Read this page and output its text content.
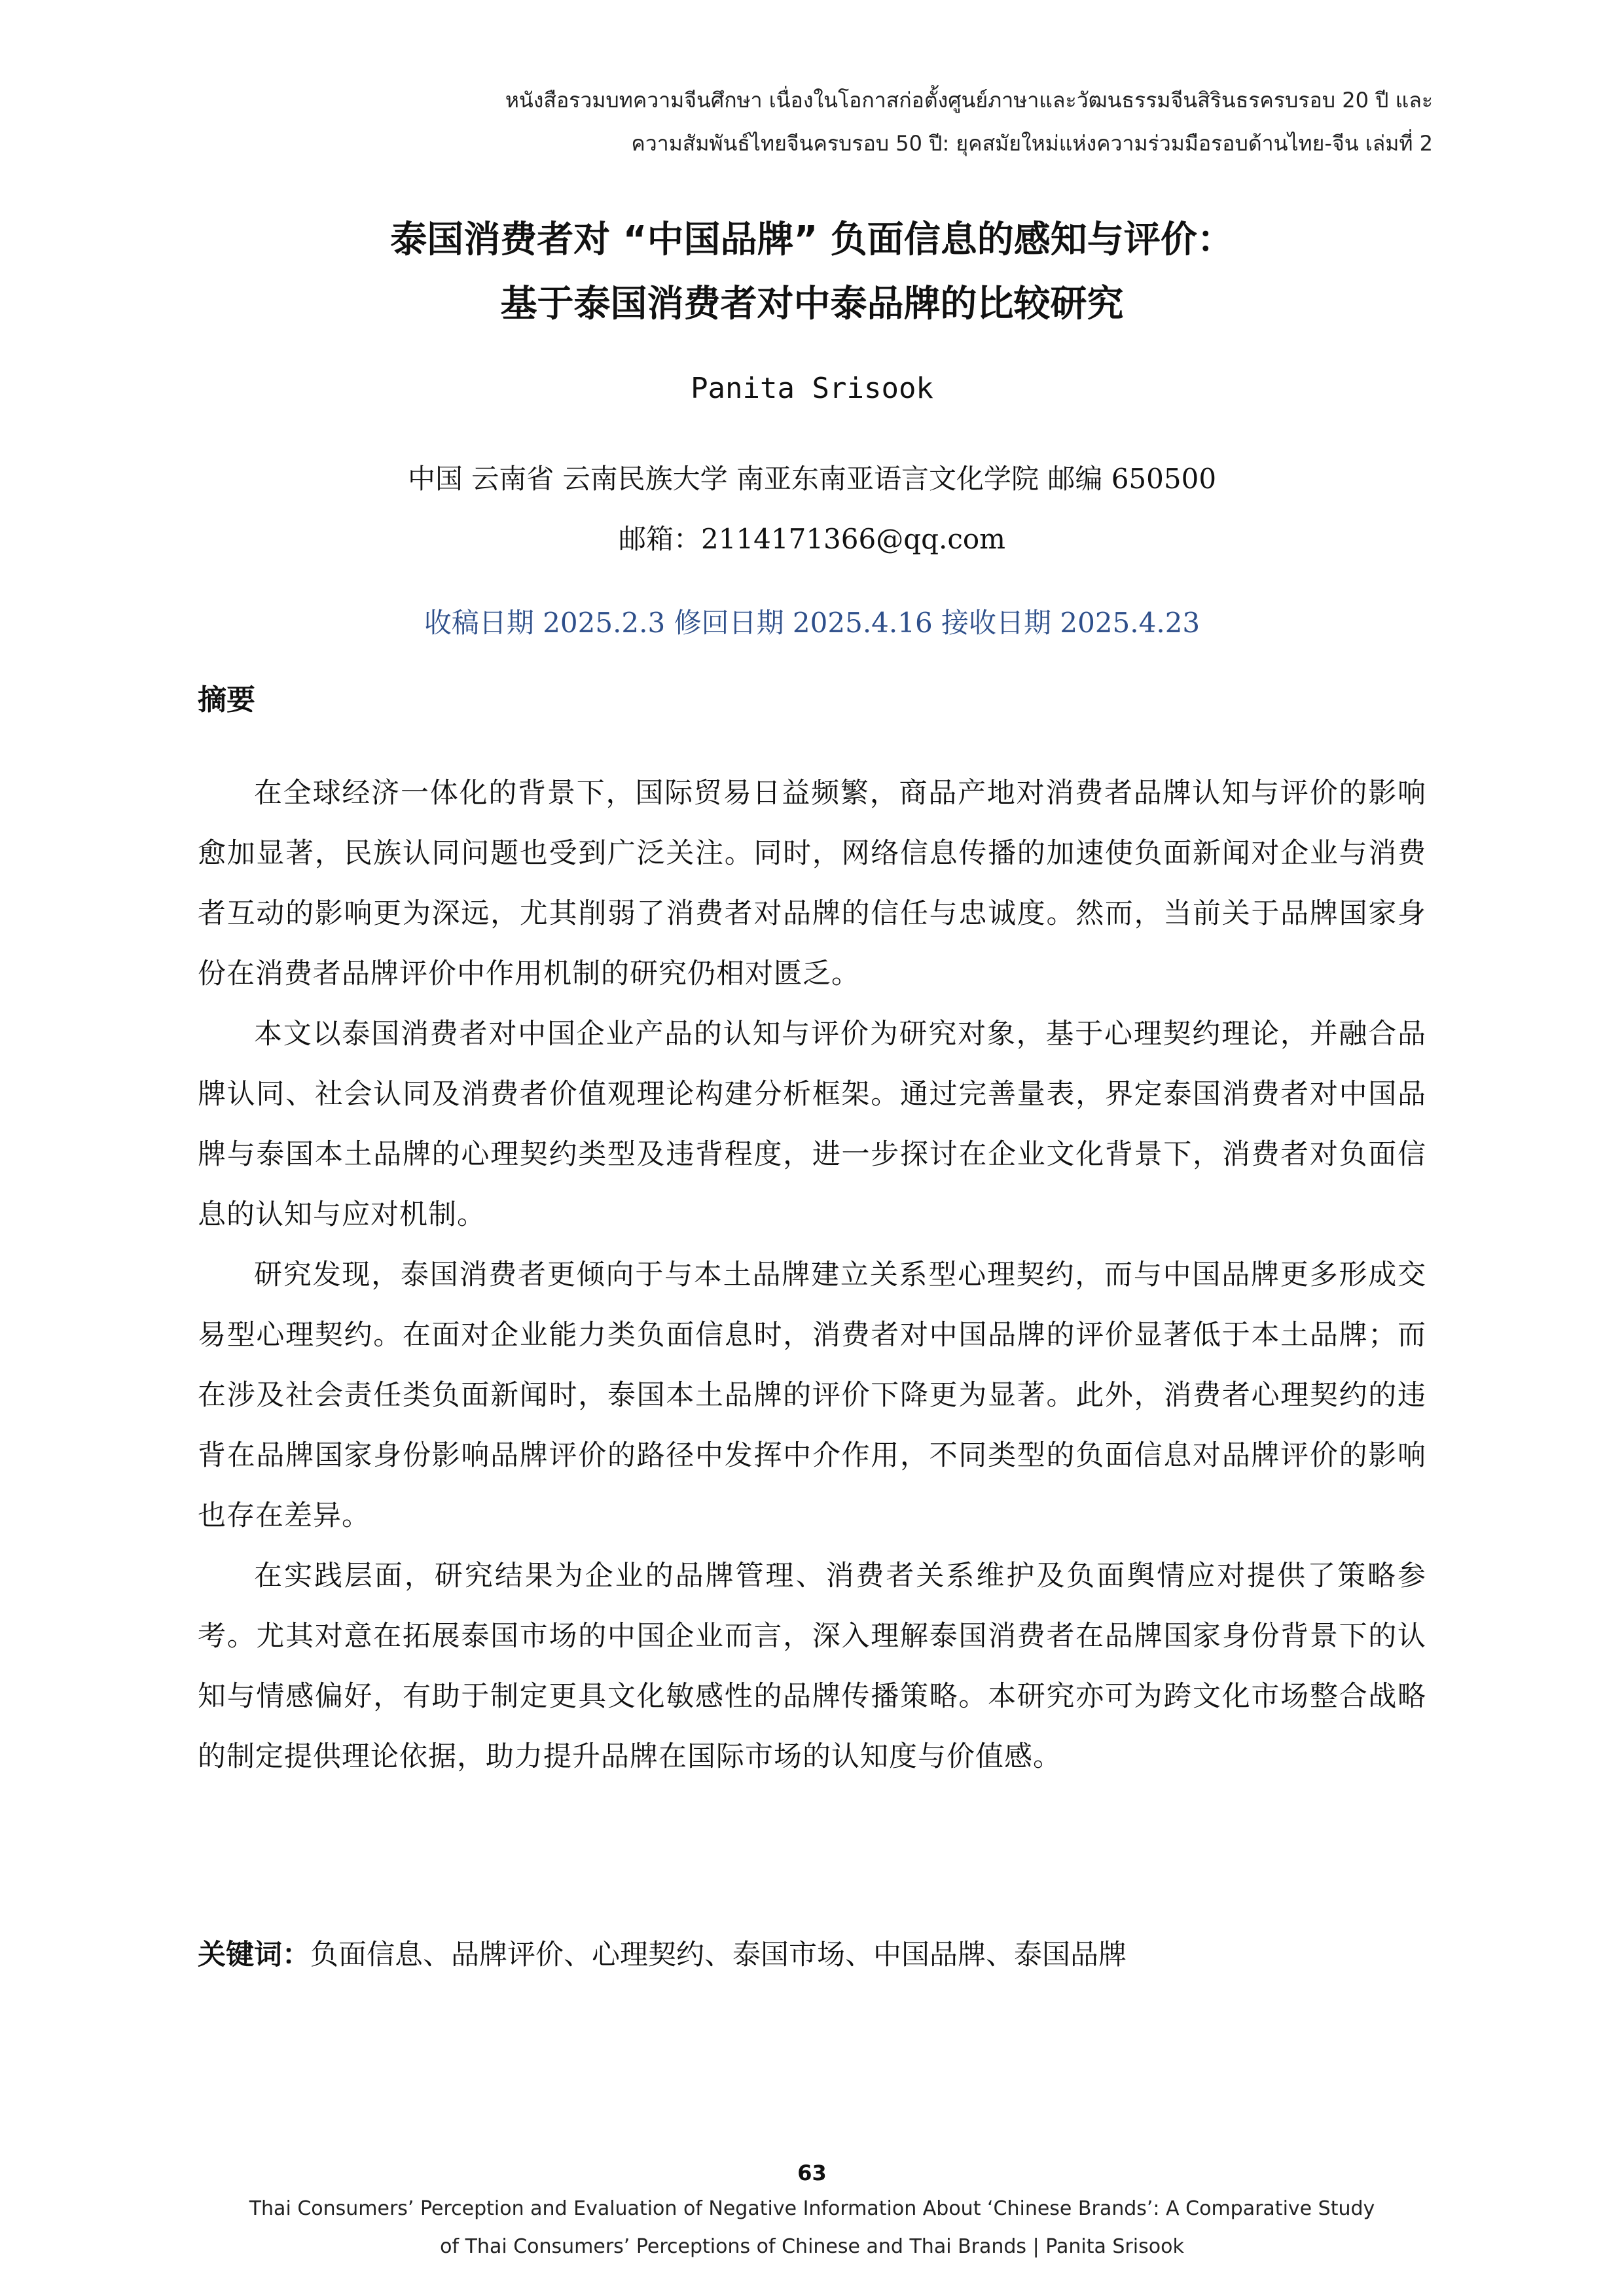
หนังสือรวมบทความจีนศึกษา เนื่องในโอกาสก่อตั้งศูนย์ภาษาและวัฒนธรรมจีนสิรินธรครบรอบ 20 ปี และ
ความสัมพันธ์ไทยจีนครบรอบ 50 ปี: ยุคสมัยใหม่แห่งความร่วมมือรอบด้านไทย-จีน เล่มที่ 2
泰国消费者对 “中国品牌” 负面信息的感知与评价：
基于泰国消费者对中泰品牌的比较研究
Panita Srisook
中国 云南省 云南民族大学 南亚东南亚语言文化学院 邮编 650500
邮箱：2114171366@qq.com
收稿日期 2025.2.3 修回日期 2025.4.16 接收日期 2025.4.23
摘要

在全球经济一体化的背景下，国际贸易日益频繁，商品产地对消费者品牌认知与评价的影响愈加显著，民族认同问题也受到广泛关注。同时，网络信息传播的加速使负面新闻对企业与消费者互动的影响更为深远，尤其削弱了消费者对品牌的信任与忠诚度。然而，当前关于品牌国家身份在消费者品牌评价中作用机制的研究仍相对匮乏。

本文以泰国消费者对中国企业产品的认知与评价为研究对象，基于心理契约理论，并融合品牌认同、社会认同及消费者价值观理论构建分析框架。通过完善量表，界定泰国消费者对中国品牌与泰国本土品牌的心理契约类型及违背程度，进一步探讨在企业文化背景下，消费者对负面信息的认知与应对机制。

研究发现，泰国消费者更倾向于与本土品牌建立关系型心理契约，而与中国品牌更多形成交易型心理契约。在面对企业能力类负面信息时，消费者对中国品牌的评价显著低于本土品牌；而在涉及社会责任类负面新闻时，泰国本土品牌的评价下降更为显著。此外，消费者心理契约的违背在品牌国家身份影响品牌评价的路径中发挥中介作用，不同类型的负面信息对品牌评价的影响也存在差异。

在实践层面，研究结果为企业的品牌管理、消费者关系维护及负面舆情应对提供了策略参考。尤其对意在拓展泰国市场的中国企业而言，深入理解泰国消费者在品牌国家身份背景下的认知与情感偏好，有助于制定更具文化敏感性的品牌传播策略。本研究亦可为跨文化市场整合战略的制定提供理论依据，助力提升品牌在国际市场的认知度与价值感。

关键词：负面信息、品牌评价、心理契约、泰国市场、中国品牌、泰国品牌
63
Thai Consumers’ Perception and Evaluation of Negative Information About ‘Chinese Brands’: A Comparative Study
of Thai Consumers’ Perceptions of Chinese and Thai Brands | Panita Srisook
